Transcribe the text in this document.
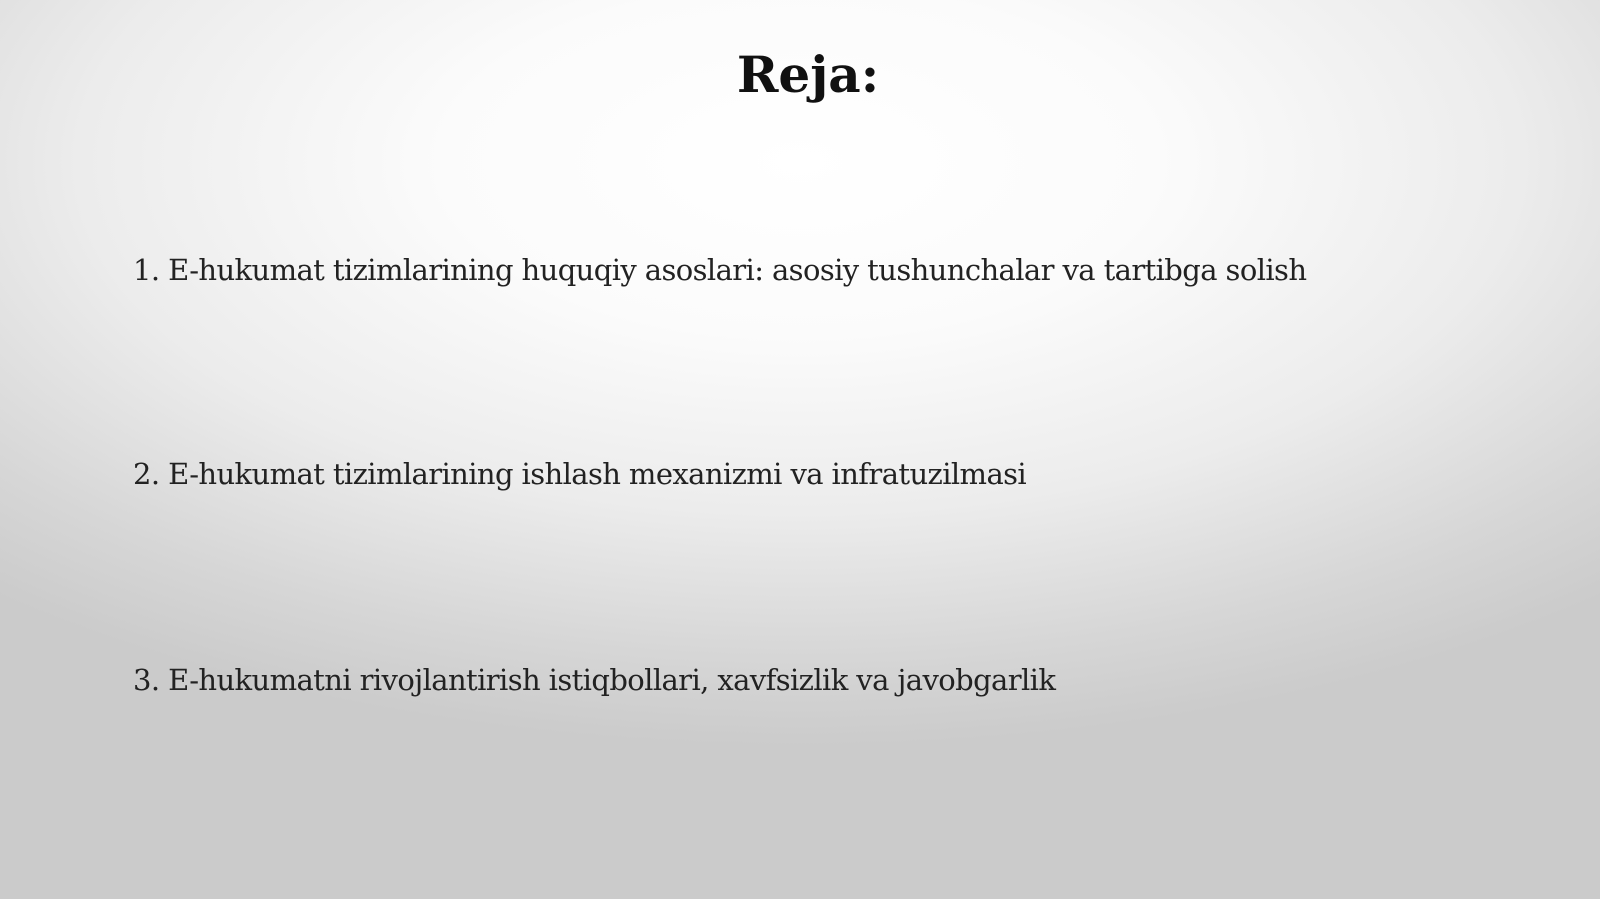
Reja:

1. E-hukumat tizimlarining huquqiy asoslari: asosiy tushunchalar va tartibga solish

2. E-hukumat tizimlarining ishlash mexanizmi va infratuzilmasi

3. E-hukumatni rivojlantirish istiqbollari, xavfsizlik va javobgarlik
